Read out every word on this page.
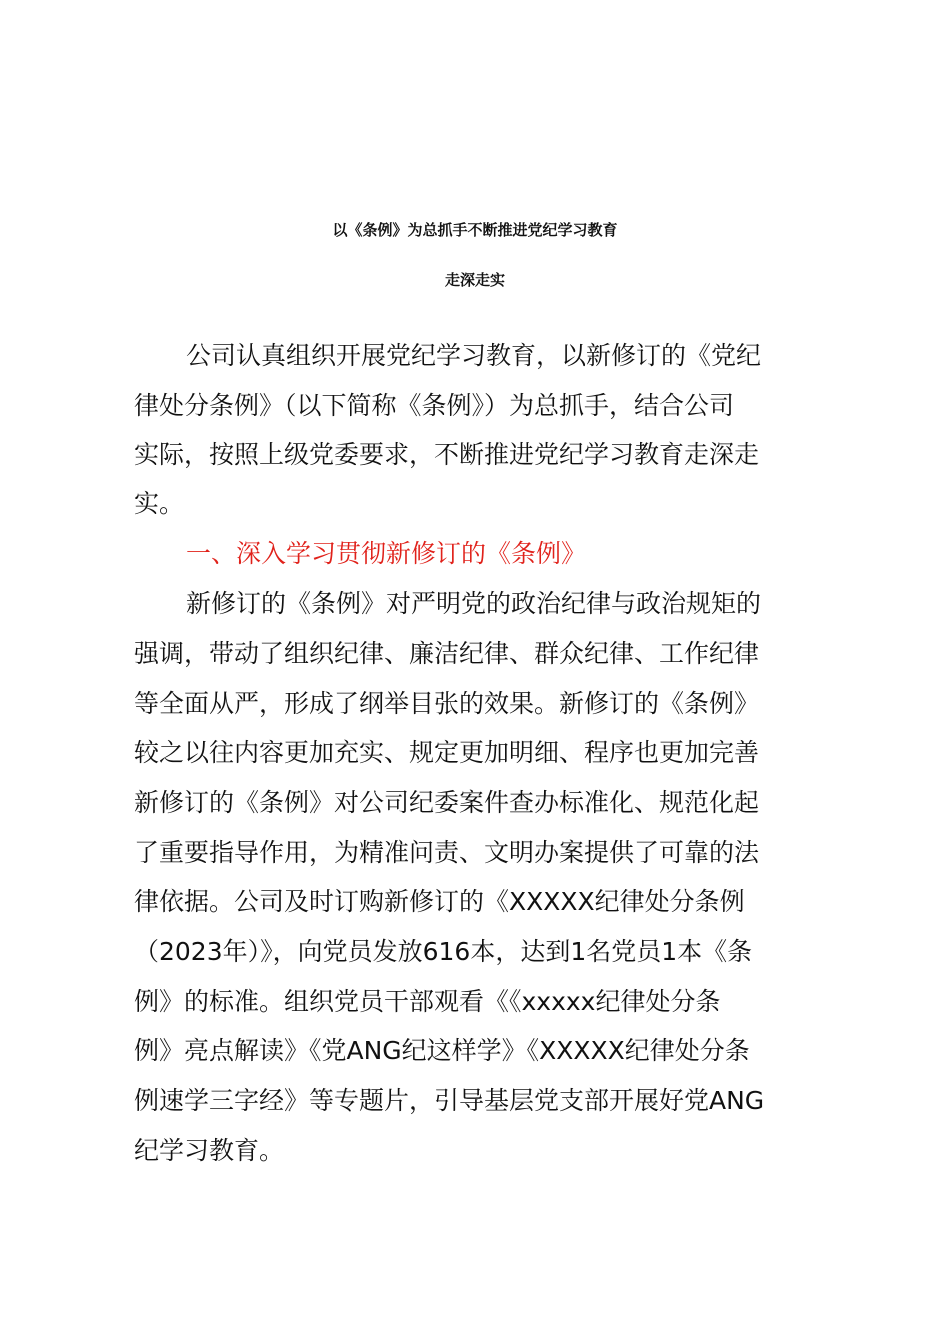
以《条例》为总抓手不断推进党纪学习教育
走深走实
公司认真组织开展党纪学习教育，以新修订的《党纪
律处分条例》（以下简称《条例》）为总抓手，结合公司
实际，按照上级党委要求，不断推进党纪学习教育走深走
实。
一、深入学习贯彻新修订的《条例》
新修订的《条例》对严明党的政治纪律与政治规矩的
强调，带动了组织纪律、廉洁纪律、群众纪律、工作纪律
等全面从严，形成了纲举目张的效果。新修订的《条例》
较之以往内容更加充实、规定更加明细、程序也更加完善
新修订的《条例》对公司纪委案件查办标准化、规范化起
了重要指导作用，为精准问责、文明办案提供了可靠的法
律依据。公司及时订购新修订的《XXXXX纪律处分条例
（2023年）》，向党员发放616本，达到1名党员1本《条
例》的标准。组织党员干部观看《《xxxxx纪律处分条
例》亮点解读》《党ANG纪这样学》《XXXXX纪律处分条
例速学三字经》等专题片，引导基层党支部开展好党ANG
纪学习教育。
